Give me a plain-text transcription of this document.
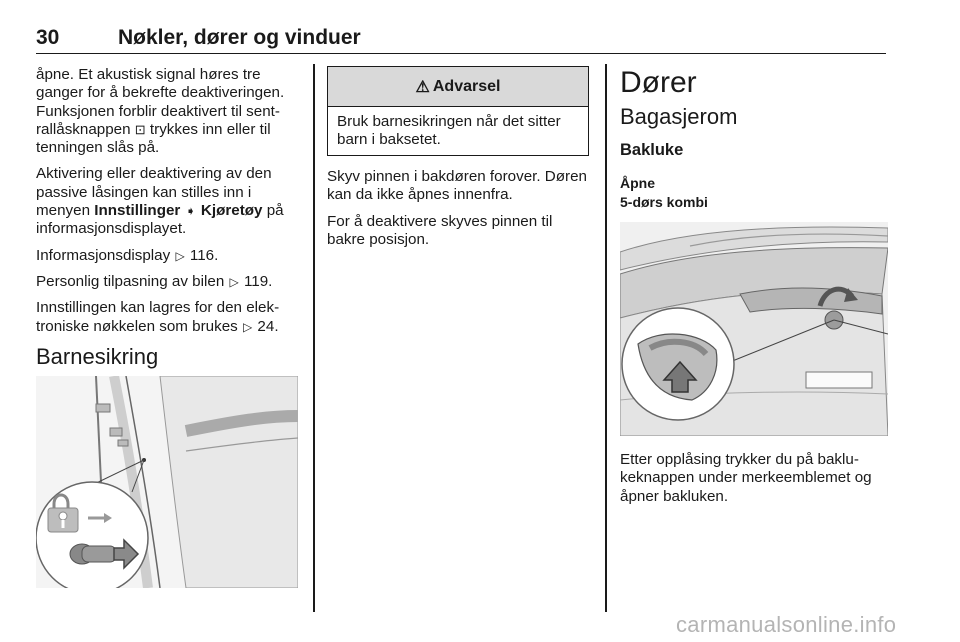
30	Nøkler, dører og vinduer

åpne. Et akustisk signal høres tre ganger for å bekrefte deaktiveringen. Funksjonen forblir deaktivert til sentrallåsknappen ⊡ trykkes inn eller til tenningen slås på.

Aktivering eller deaktivering av den passive låsingen kan stilles inn i menyen Innstillinger ➧ Kjøretøy på informasjonsdisplayet.

Informasjonsdisplay ▷ 116.

Personlig tilpasning av bilen ▷ 119.

Innstillingen kan lagres for den elektroniske nøkkelen som brukes ▷ 24.

Barnesikring
⚠ Advarsel
Bruk barnesikringen når det sitter barn i baksetet.

Skyv pinnen i bakdøren forover. Døren kan da ikke åpnes innenfra.

For å deaktivere skyves pinnen til bakre posisjon.

Dører
Bagasjerom
Bakluke
Åpne
5-dørs kombi
Etter opplåsing trykker du på baklukeknappen under merkeemblemet og åpner bakluken.
carmanualsonline.info
